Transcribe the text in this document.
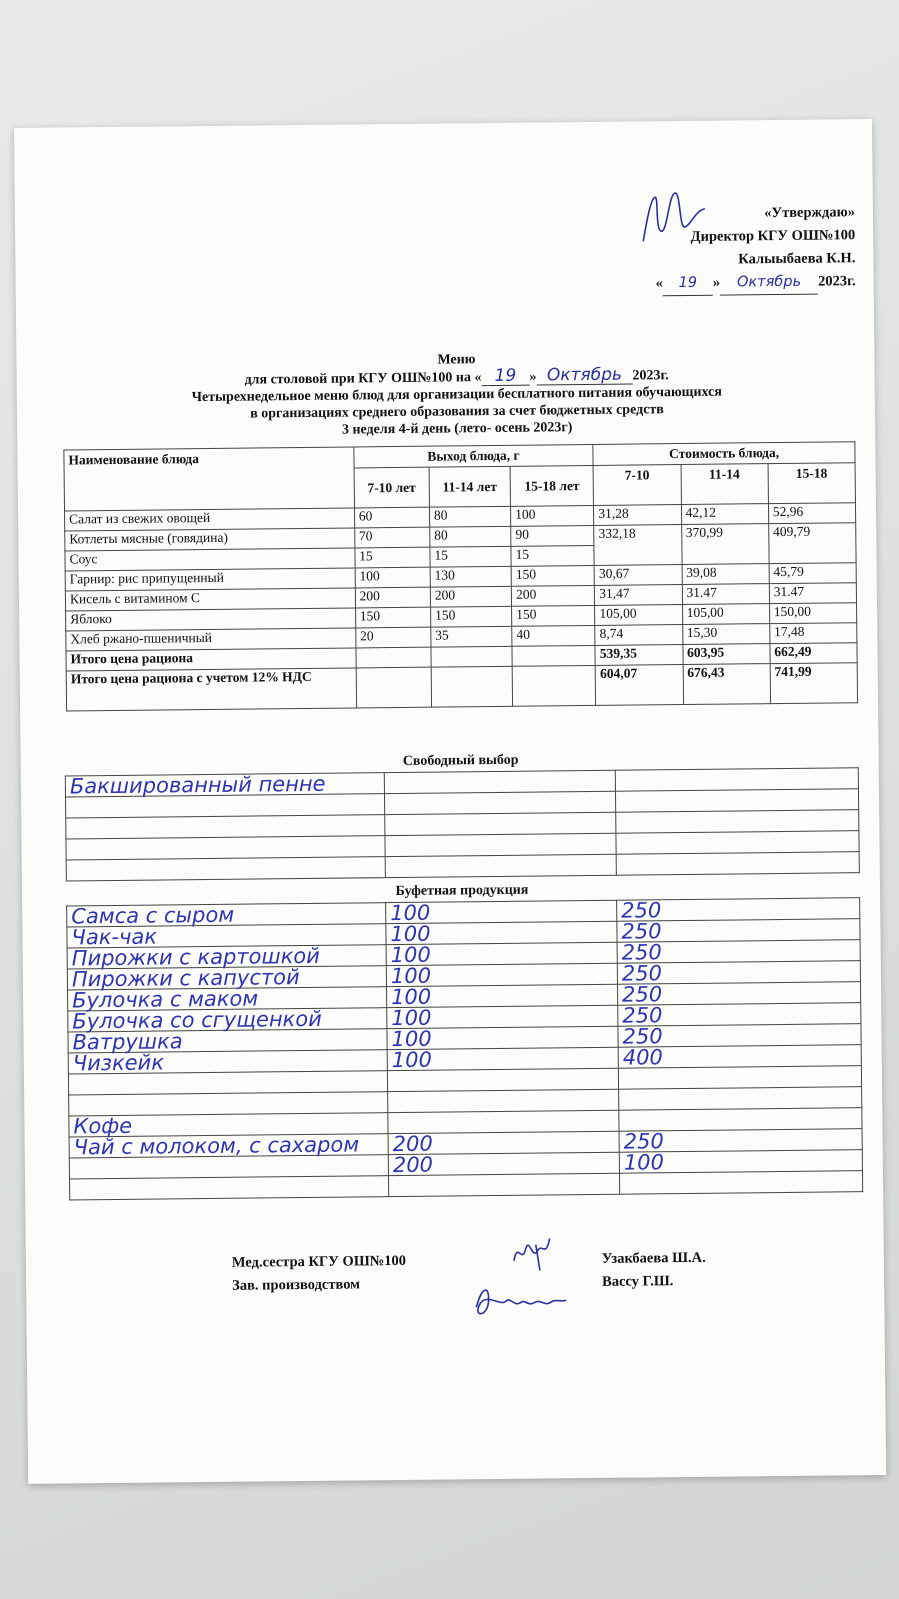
«Утверждаю»
Директор КГУ ОШ№100
Калыыбаева К.Н.
« 19 » Октябрь 2023г.
Меню
для столовой при КГУ ОШ№100 на « 19 » Октябрь 2023г.
Четырехнедельное меню блюд для организации бесплатного питания обучающихся
в организациях среднего образования за счет бюджетных средств
3 неделя 4-й день (лето- осень 2023г)
Наименование блюда	Выход блюда, г			Стоимость блюда,		
	7-10 лет	11-14 лет	15-18 лет	7-10	11-14	15-18
Салат из свежих овощей	60	80	100	31,28	42,12	52,96
Котлеты мясные (говядина)	70	80	90	332,18	370,99	409,79
Соус	15	15	15			
Гарнир: рис припущенный	100	130	150	30,67	39,08	45,79
Кисель с витамином С	200	200	200	31,47	31.47	31.47
Яблоко	150	150	150	105,00	105,00	150,00
Хлеб ржано-пшеничный	20	35	40	8,74	15,30	17,48
Итого цена рациона				539,35	603,95	662,49
Итого цена рациона с учетом 12% НДС				604,07	676,43	741,99
Свободный выбор
Бакшированный пенне		

Буфетная продукция
Самса с сыром	100	250
Чак-чак	100	250
Пирожки с картошкой	100	250
Пирожки с капустой	100	250
Булочка с маком	100	250
Булочка со сгущенкой	100	250
Ватрушка	100	250
Чизкейк	100	400

Кофе		
Чай с молоком, с сахаром	200	250
	200	100

Мед.сестра КГУ ОШ№100
Зав. производством
Узакбаева Ш.А.
Вассу Г.Ш.
